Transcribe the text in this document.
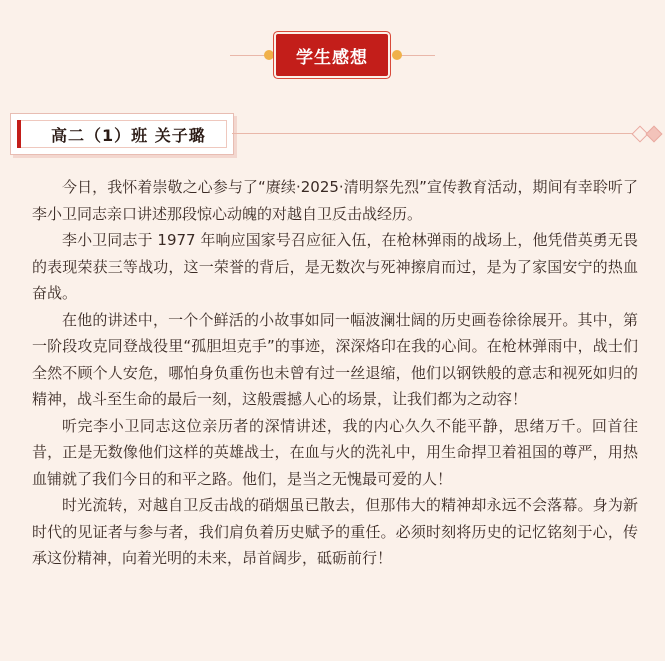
学生感想
高二（1）班 关子璐

今日，我怀着崇敬之心参与了“赓续·2025·清明祭先烈”宣传教育活动，期间有幸聆听了李小卫同志亲口讲述那段惊心动魄的对越自卫反击战经历。

李小卫同志于 1977 年响应国家号召应征入伍，在枪林弹雨的战场上，他凭借英勇无畏的表现荣获三等战功，这一荣誉的背后，是无数次与死神擦肩而过，是为了家国安宁的热血奋战。

在他的讲述中，一个个鲜活的小故事如同一幅波澜壮阔的历史画卷徐徐展开。其中，第一阶段攻克同登战役里“孤胆坦克手”的事迹，深深烙印在我的心间。在枪林弹雨中，战士们全然不顾个人安危，哪怕身负重伤也未曾有过一丝退缩，他们以钢铁般的意志和视死如归的精神，战斗至生命的最后一刻，这般震撼人心的场景，让我们都为之动容！

听完李小卫同志这位亲历者的深情讲述，我的内心久久不能平静，思绪万千。回首往昔，正是无数像他们这样的英雄战士，在血与火的洗礼中，用生命捍卫着祖国的尊严，用热血铺就了我们今日的和平之路。他们，是当之无愧最可爱的人！

时光流转，对越自卫反击战的硝烟虽已散去，但那伟大的精神却永远不会落幕。身为新时代的见证者与参与者，我们肩负着历史赋予的重任。必须时刻将历史的记忆铭刻于心，传承这份精神，向着光明的未来，昂首阔步，砥砺前行！
